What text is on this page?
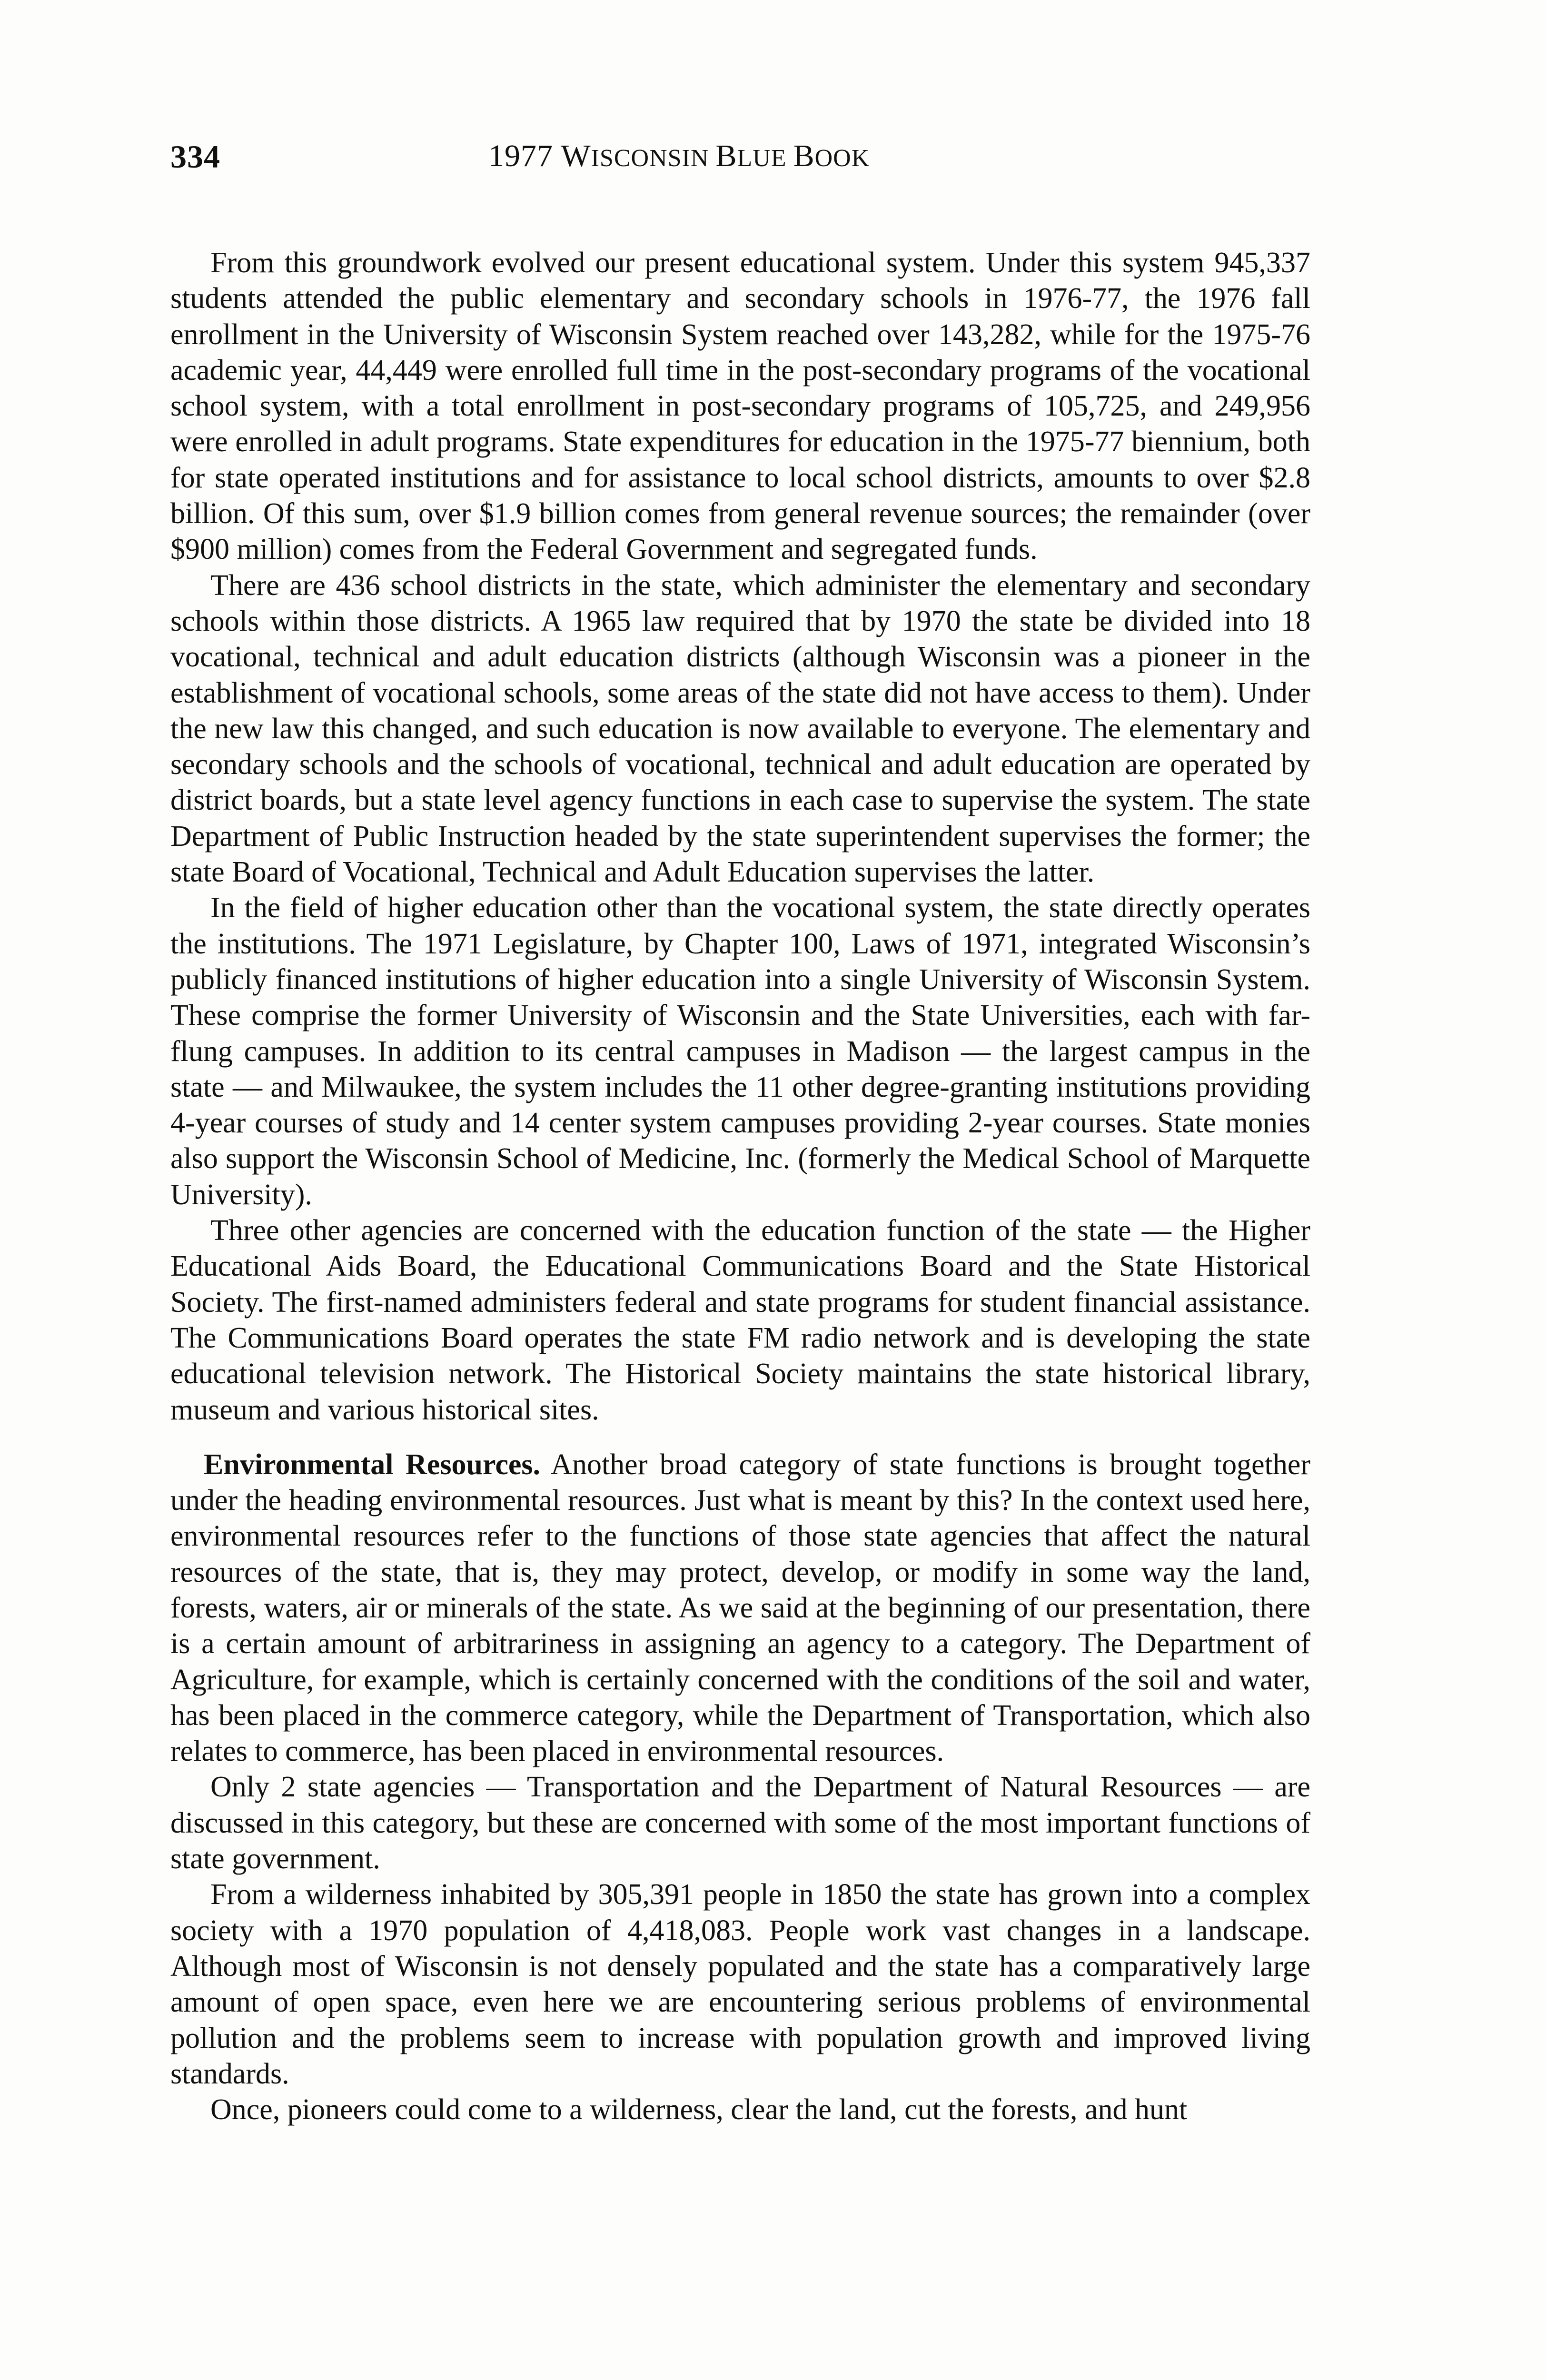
334	1977 WISCONSIN BLUE BOOK

From this groundwork evolved our present educational system. Under this system 945,337 students attended the public elementary and secondary schools in 1976-77, the 1976 fall enrollment in the University of Wisconsin System reached over 143,282, while for the 1975-76 academic year, 44,449 were enrolled full time in the post-secondary programs of the vocational school system, with a total enrollment in post-secondary programs of 105,725, and 249,956 were enrolled in adult programs. State expenditures for education in the 1975-77 biennium, both for state operated institutions and for assistance to local school districts, amounts to over $2.8 billion. Of this sum, over $1.9 billion comes from general revenue sources; the remainder (over $900 million) comes from the Federal Government and segregated funds.

There are 436 school districts in the state, which administer the elementary and secondary schools within those districts. A 1965 law required that by 1970 the state be divided into 18 vocational, technical and adult education districts (although Wisconsin was a pioneer in the establishment of vocational schools, some areas of the state did not have access to them). Under the new law this changed, and such education is now available to everyone. The elementary and secondary schools and the schools of vocational, technical and adult education are operated by district boards, but a state level agency functions in each case to supervise the system. The state Department of Public Instruction headed by the state superintendent supervises the former; the state Board of Vocational, Technical and Adult Education supervises the latter.

In the field of higher education other than the vocational system, the state directly operates the institutions. The 1971 Legislature, by Chapter 100, Laws of 1971, integrated Wisconsin’s publicly financed institutions of higher education into a single University of Wisconsin System. These comprise the former University of Wisconsin and the State Universities, each with far-flung campuses. In addition to its central campuses in Madison — the largest campus in the state — and Milwaukee, the system includes the 11 other degree-granting institutions providing 4-year courses of study and 14 center system campuses providing 2-year courses. State monies also support the Wisconsin School of Medicine, Inc. (formerly the Medical School of Marquette University).

Three other agencies are concerned with the education function of the state — the Higher Educational Aids Board, the Educational Communications Board and the State Historical Society. The first-named administers federal and state programs for student financial assistance. The Communications Board operates the state FM radio network and is developing the state educational television network. The Historical Society maintains the state historical library, museum and various historical sites.

Environmental Resources. Another broad category of state functions is brought together under the heading environmental resources. Just what is meant by this? In the context used here, environmental resources refer to the functions of those state agencies that affect the natural resources of the state, that is, they may protect, develop, or modify in some way the land, forests, waters, air or minerals of the state. As we said at the beginning of our presentation, there is a certain amount of arbitrariness in assigning an agency to a category. The Department of Agriculture, for example, which is certainly concerned with the conditions of the soil and water, has been placed in the commerce category, while the Department of Transportation, which also relates to commerce, has been placed in environmental resources.

Only 2 state agencies — Transportation and the Department of Natural Resources — are discussed in this category, but these are concerned with some of the most important functions of state government.

From a wilderness inhabited by 305,391 people in 1850 the state has grown into a complex society with a 1970 population of 4,418,083. People work vast changes in a landscape. Although most of Wisconsin is not densely populated and the state has a comparatively large amount of open space, even here we are encountering serious problems of environmental pollution and the problems seem to increase with population growth and improved living standards.

Once, pioneers could come to a wilderness, clear the land, cut the forests, and hunt
